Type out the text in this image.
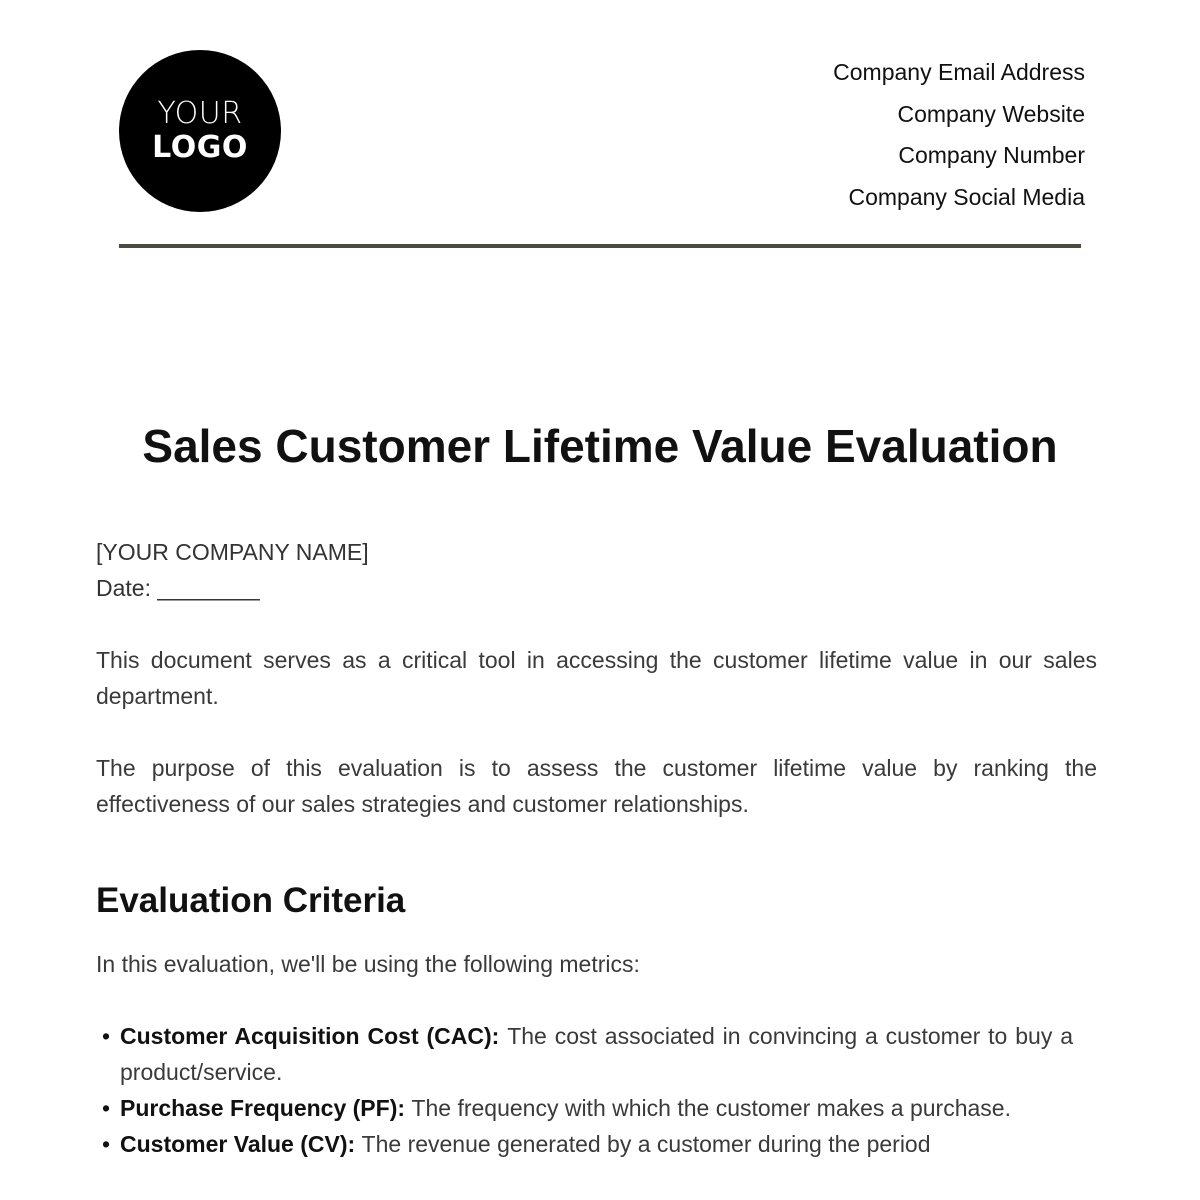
YOUR
LOGO
Company Email Address
Company Website
Company Number
Company Social Media
Sales Customer Lifetime Value Evaluation
[YOUR COMPANY NAME]
Date: ________

This document serves as a critical tool in accessing the customer lifetime value in our sales department.

The purpose of this evaluation is to assess the customer lifetime value by ranking the effectiveness of our sales strategies and customer relationships.

Evaluation Criteria

In this evaluation, we'll be using the following metrics:

• Customer Acquisition Cost (CAC): The cost associated in convincing a customer to buy a product/service.
• Purchase Frequency (PF): The frequency with which the customer makes a purchase.
• Customer Value (CV): The revenue generated by a customer during the period
